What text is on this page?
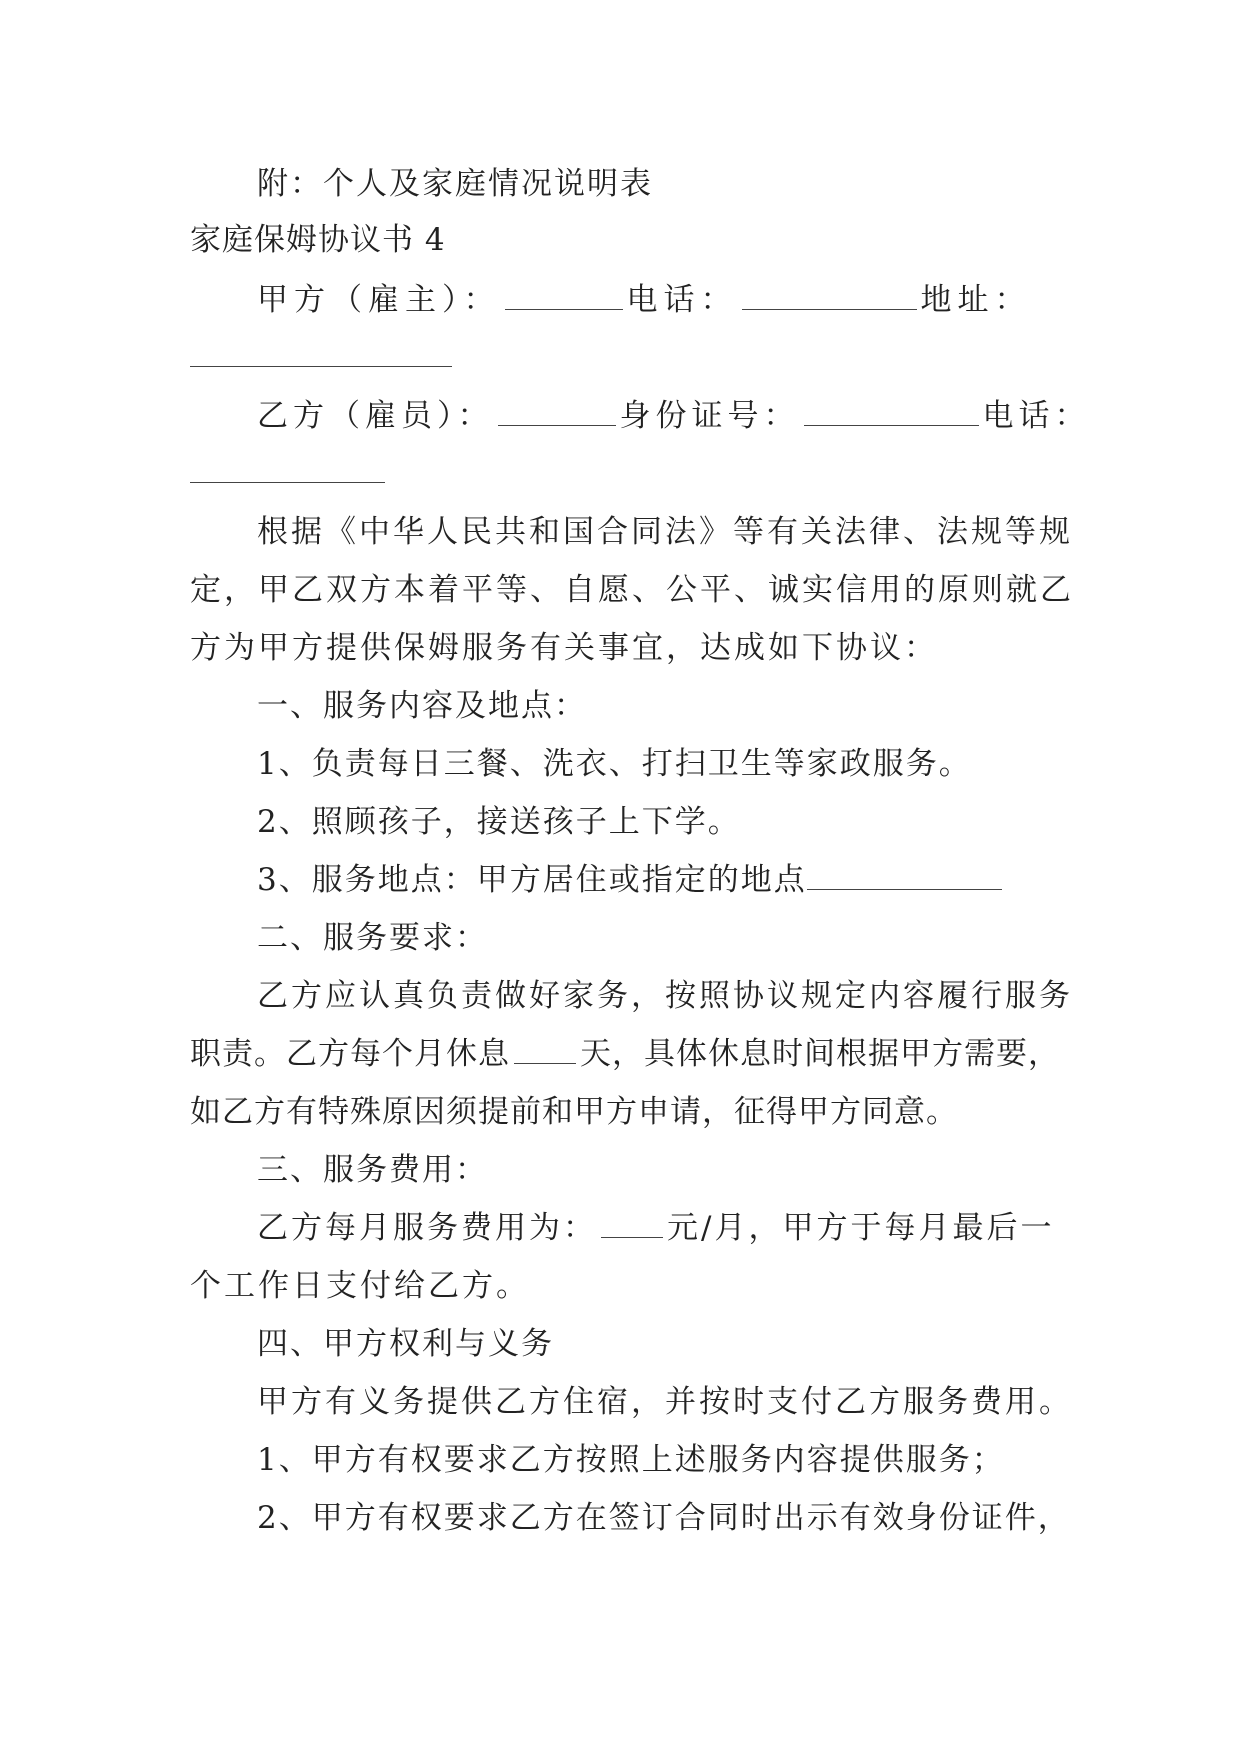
附：个人及家庭情况说明表
家庭保姆协议书 4
甲方（雇主）：	电话：	地址：
乙方（雇员）：	身份证号：	电话：
根据《中华人民共和国合同法》等有关法律、法规等规
定，甲乙双方本着平等、自愿、公平、诚实信用的原则就乙
方为甲方提供保姆服务有关事宜，达成如下协议：
一、服务内容及地点：
1、负责每日三餐、洗衣、打扫卫生等家政服务。
2、照顾孩子，接送孩子上下学。
3、服务地点：甲方居住或指定的地点
二、服务要求：
乙方应认真负责做好家务，按照协议规定内容履行服务
职责。乙方每个月休息 天，具体休息时间根据甲方需要，
如乙方有特殊原因须提前和甲方申请，征得甲方同意。
三、服务费用：
乙方每月服务费用为： 元/月，甲方于每月最后一
个工作日支付给乙方。
四、甲方权利与义务
甲方有义务提供乙方住宿，并按时支付乙方服务费用。
1、甲方有权要求乙方按照上述服务内容提供服务；
2、甲方有权要求乙方在签订合同时出示有效身份证件，
